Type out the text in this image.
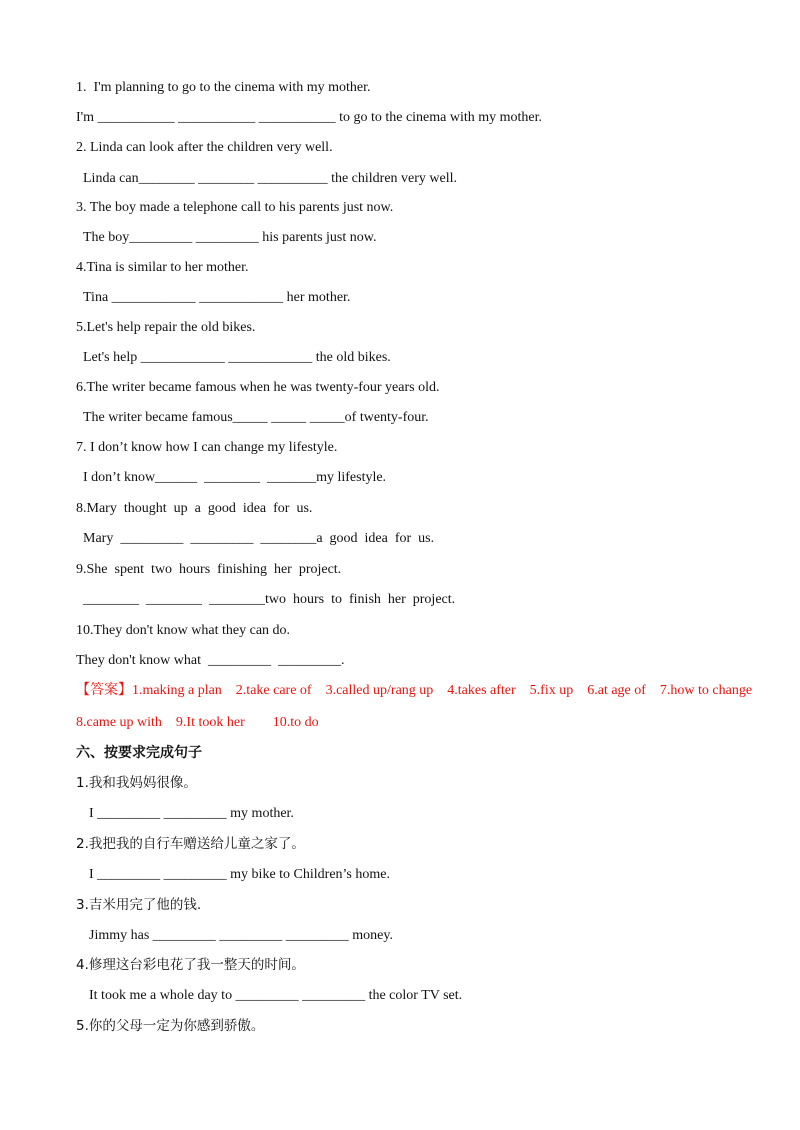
1.  I'm planning to go to the cinema with my mother.
I'm ___________ ___________ ___________ to go to the cinema with my mother.
2. Linda can look after the children very well.
Linda can________ ________ __________ the children very well.
3. The boy made a telephone call to his parents just now.
The boy_________ _________ his parents just now.
4.Tina is similar to her mother.
Tina ____________ ____________ her mother.
5.Let's help repair the old bikes.
Let's help ____________ ____________ the old bikes.
6.The writer became famous when he was twenty-four years old.
The writer became famous_____ _____ _____of twenty-four.
7. I don’t know how I can change my lifestyle.
I don’t know______  ________  _______my lifestyle.
8.Mary  thought  up  a  good  idea  for  us.
Mary  _________  _________  ________a  good  idea  for  us.
9.She  spent  two  hours  finishing  her  project.
________  ________  ________two  hours  to  finish  her  project.
10.They don't know what they can do.
They don't know what  _________  _________.
【答案】1.making a plan    2.take care of    3.called up/rang up    4.takes after    5.fix up    6.at age of    7.how to change
8.came up with    9.It took her        10.to do
六、按要求完成句子
1.我和我妈妈很像。
I _________ _________ my mother.
2.我把我的自行车赠送给儿童之家了。
I _________ _________ my bike to Children’s home.
3.吉米用完了他的钱.
Jimmy has _________ _________ _________ money.
4.修理这台彩电花了我一整天的时间。
It took me a whole day to _________ _________ the color TV set.
5.你的父母一定为你感到骄傲。
